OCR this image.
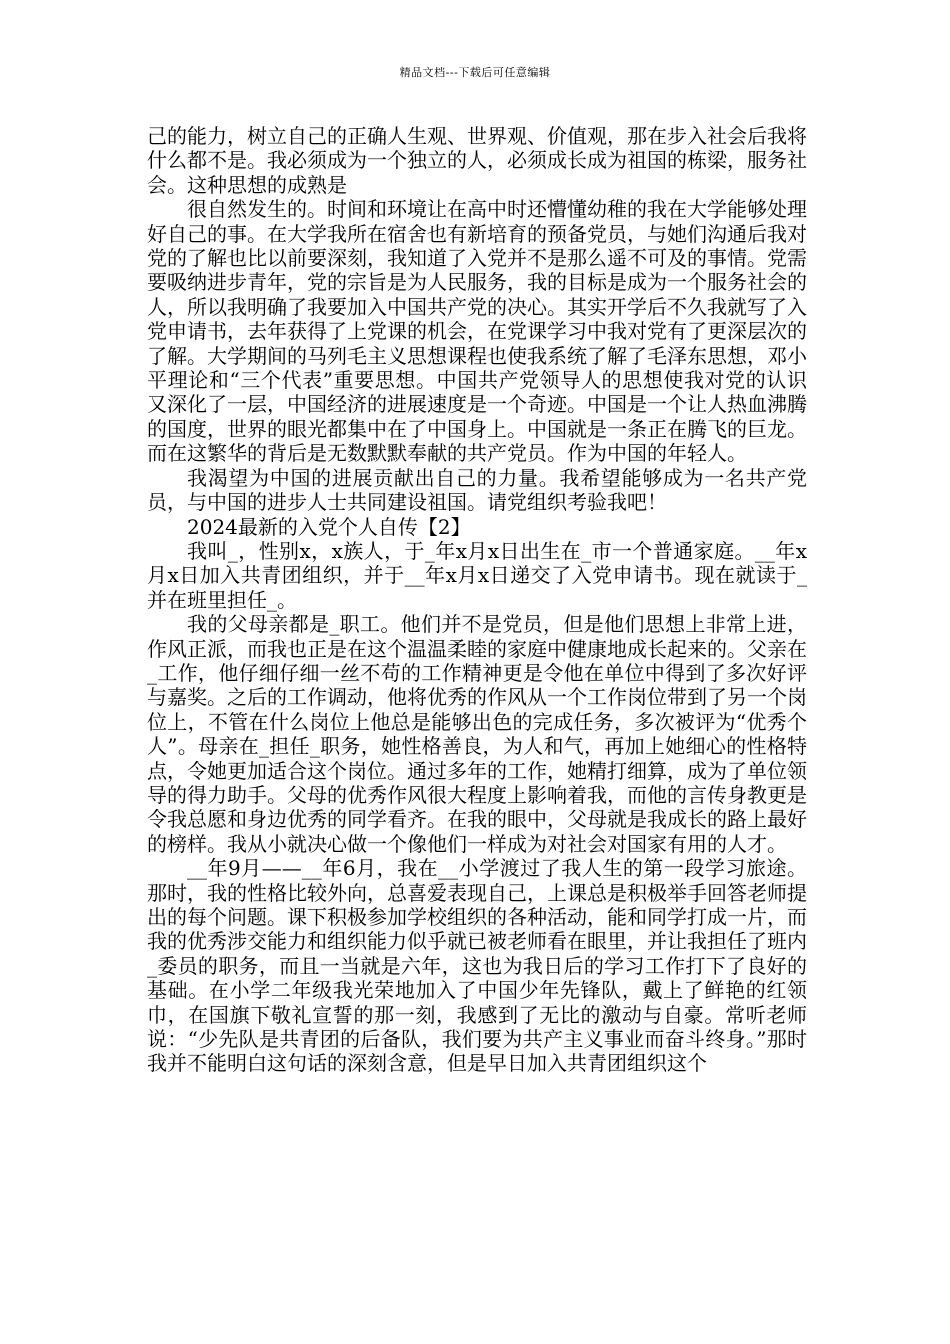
精品文档---下载后可任意编辑

己的能力，树立自己的正确人生观、世界观、价值观，那在步入社会后我将什么都不是。我必须成为一个独立的人，必须成长成为祖国的栋梁，服务社会。这种思想的成熟是

很自然发生的。时间和环境让在高中时还懵懂幼稚的我在大学能够处理好自己的事。在大学我所在宿舍也有新培育的预备党员，与她们沟通后我对党的了解也比以前要深刻，我知道了入党并不是那么遥不可及的事情。党需要吸纳进步青年，党的宗旨是为人民服务，我的目标是成为一个服务社会的人，所以我明确了我要加入中国共产党的决心。其实开学后不久我就写了入党申请书，去年获得了上党课的机会，在党课学习中我对党有了更深层次的了解。大学期间的马列毛主义思想课程也使我系统了解了毛泽东思想，邓小平理论和“三个代表”重要思想。中国共产党领导人的思想使我对党的认识又深化了一层，中国经济的进展速度是一个奇迹。中国是一个让人热血沸腾的国度，世界的眼光都集中在了中国身上。中国就是一条正在腾飞的巨龙。而在这繁华的背后是无数默默奉献的共产党员。作为中国的年轻人。

我渴望为中国的进展贡献出自己的力量。我希望能够成为一名共产党员，与中国的进步人士共同建设祖国。请党组织考验我吧！

2024最新的入党个人自传【2】

我叫_，性别x，x族人，于_年x月x日出生在_市一个普通家庭。__年x月x日加入共青团组织，并于__年x月x日递交了入党申请书。现在就读于_并在班里担任_。

我的父母亲都是_职工。他们并不是党员，但是他们思想上非常上进，作风正派，而我也正是在这个温温柔睦的家庭中健康地成长起来的。父亲在_工作，他仔细仔细一丝不苟的工作精神更是令他在单位中得到了多次好评与嘉奖。之后的工作调动，他将优秀的作风从一个工作岗位带到了另一个岗位上，不管在什么岗位上他总是能够出色的完成任务，多次被评为“优秀个人”。母亲在_担任_职务，她性格善良，为人和气，再加上她细心的性格特点，令她更加适合这个岗位。通过多年的工作，她精打细算，成为了单位领导的得力助手。父母的优秀作风很大程度上影响着我，而他的言传身教更是令我总愿和身边优秀的同学看齐。在我的眼中，父母就是我成长的路上最好的榜样。我从小就决心做一个像他们一样成为对社会对国家有用的人才。

__年9月——__年6月，我在__小学渡过了我人生的第一段学习旅途。那时，我的性格比较外向，总喜爱表现自己，上课总是积极举手回答老师提出的每个问题。课下积极参加学校组织的各种活动，能和同学打成一片，而我的优秀涉交能力和组织能力似乎就已被老师看在眼里，并让我担任了班内_委员的职务，而且一当就是六年，这也为我日后的学习工作打下了良好的基础。在小学二年级我光荣地加入了中国少年先锋队，戴上了鲜艳的红领巾，在国旗下敬礼宣誓的那一刻，我感到了无比的激动与自豪。常听老师说：“少先队是共青团的后备队，我们要为共产主义事业而奋斗终身。”那时我并不能明白这句话的深刻含意，但是早日加入共青团组织这个
